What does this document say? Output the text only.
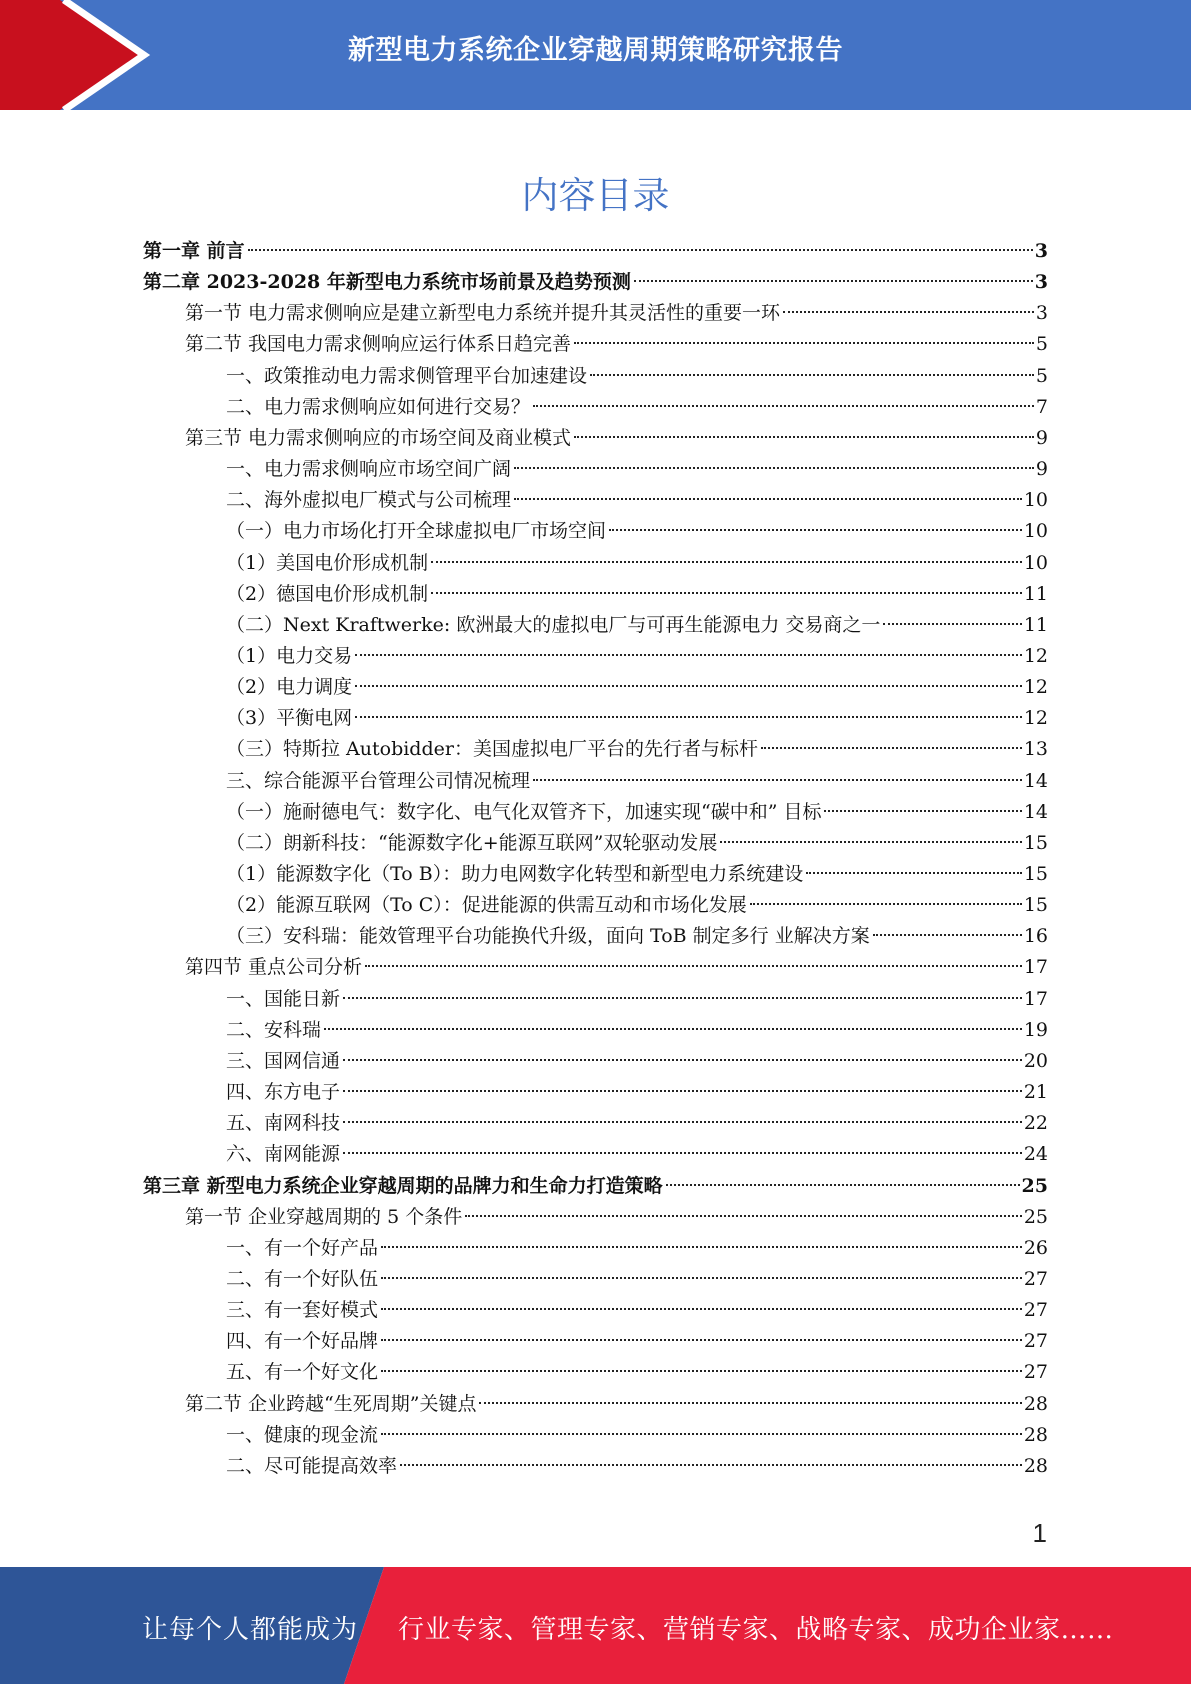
新型电力系统企业穿越周期策略研究报告
内容目录
第一章 前言	3
第二章 2023-2028 年新型电力系统市场前景及趋势预测	3
第一节 电力需求侧响应是建立新型电力系统并提升其灵活性的重要一环	3
第二节 我国电力需求侧响应运行体系日趋完善	5
一、政策推动电力需求侧管理平台加速建设	5
二、电力需求侧响应如何进行交易？	7
第三节 电力需求侧响应的市场空间及商业模式	9
一、电力需求侧响应市场空间广阔	9
二、海外虚拟电厂模式与公司梳理	10
（一）电力市场化打开全球虚拟电厂市场空间	10
（1）美国电价形成机制	10
（2）德国电价形成机制	11
（二）Next Kraftwerke: 欧洲最大的虚拟电厂与可再生能源电力 交易商之一	11
（1）电力交易	12
（2）电力调度	12
（3）平衡电网	12
（三）特斯拉 Autobidder：美国虚拟电厂平台的先行者与标杆	13
三、综合能源平台管理公司情况梳理	14
（一）施耐德电气：数字化、电气化双管齐下，加速实现“碳中和” 目标	14
（二）朗新科技：“能源数字化+能源互联网”双轮驱动发展	15
（1）能源数字化（To B）：助力电网数字化转型和新型电力系统建设	15
（2）能源互联网（To C）：促进能源的供需互动和市场化发展	15
（三）安科瑞：能效管理平台功能换代升级，面向 ToB 制定多行 业解决方案	16
第四节 重点公司分析	17
一、国能日新	17
二、安科瑞	19
三、国网信通	20
四、东方电子	21
五、南网科技	22
六、南网能源	24
第三章 新型电力系统企业穿越周期的品牌力和生命力打造策略	25
第一节 企业穿越周期的 5 个条件	25
一、有一个好产品	26
二、有一个好队伍	27
三、有一套好模式	27
四、有一个好品牌	27
五、有一个好文化	27
第二节 企业跨越“生死周期”关键点	28
一、健康的现金流	28
二、尽可能提高效率	28
1
让每个人都能成为 行业专家、管理专家、营销专家、战略专家、成功企业家……
